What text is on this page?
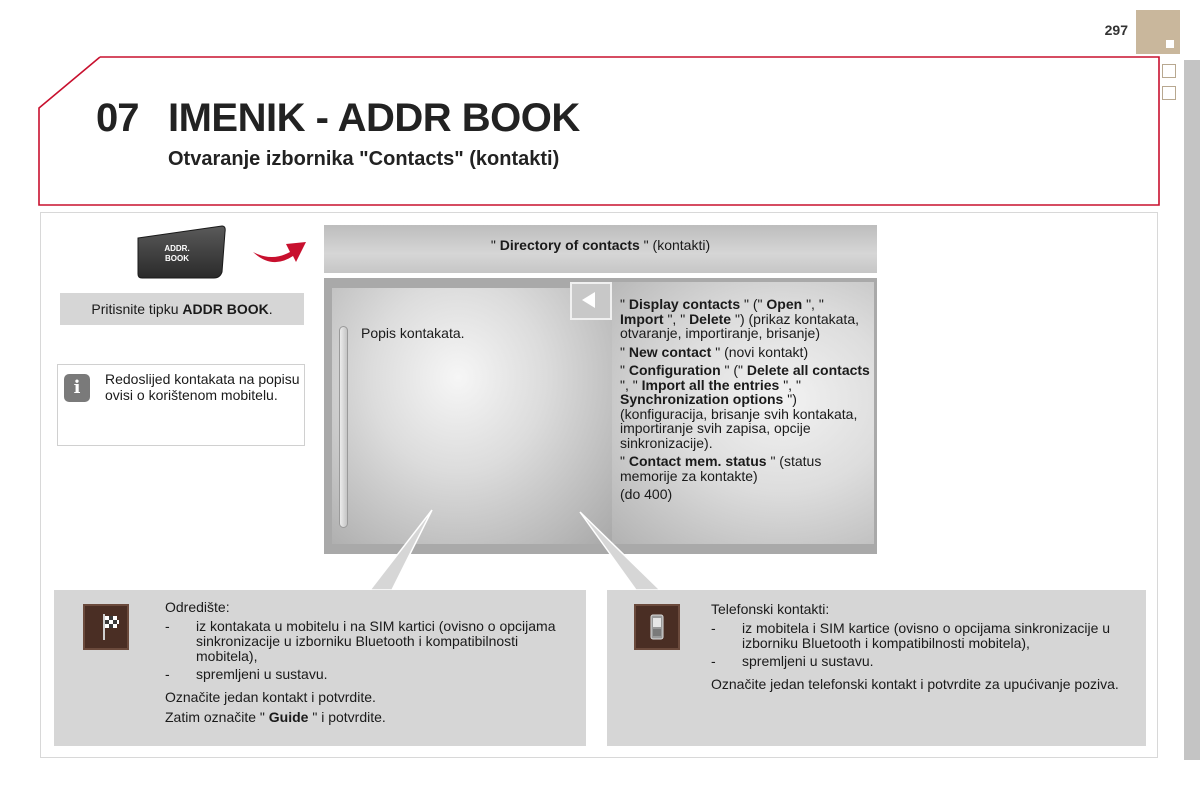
297
07 IMENIK - ADDR BOOK
Otvaranje izbornika "Contacts" (kontakti)
ADDR.
BOOK
Pritisnite tipku ADDR BOOK.
i	Redoslijed kontakata na popisu ovisi o korištenom mobitelu.
" Directory of contacts " (kontakti)
Popis kontakata.

" Display contacts " (" Open ", " Import ", " Delete ") (prikaz kontakata, otvaranje, importiranje, brisanje)

" New contact " (novi kontakt)

" Configuration " (" Delete all contacts ", " Import all the entries ", " Synchronization options ") (konfiguracija, brisanje svih kontakata, importiranje svih zapisa, opcije sinkronizacije).

" Contact mem. status " (status memorije za kontakte)

(do 400)

Odredište:

- iz kontakata u mobitelu i na SIM kartici (ovisno o opcijama sinkronizacije u izborniku Bluetooth i kompatibilnosti mobitela),
- spremljeni u sustavu.

Označite jedan kontakt i potvrdite.

Zatim označite " Guide " i potvrdite.

Telefonski kontakti:

- iz mobitela i SIM kartice (ovisno o opcijama sinkronizacije u izborniku Bluetooth i kompatibilnosti mobitela),
- spremljeni u sustavu.

Označite jedan telefonski kontakt i potvrdite za upućivanje poziva.
